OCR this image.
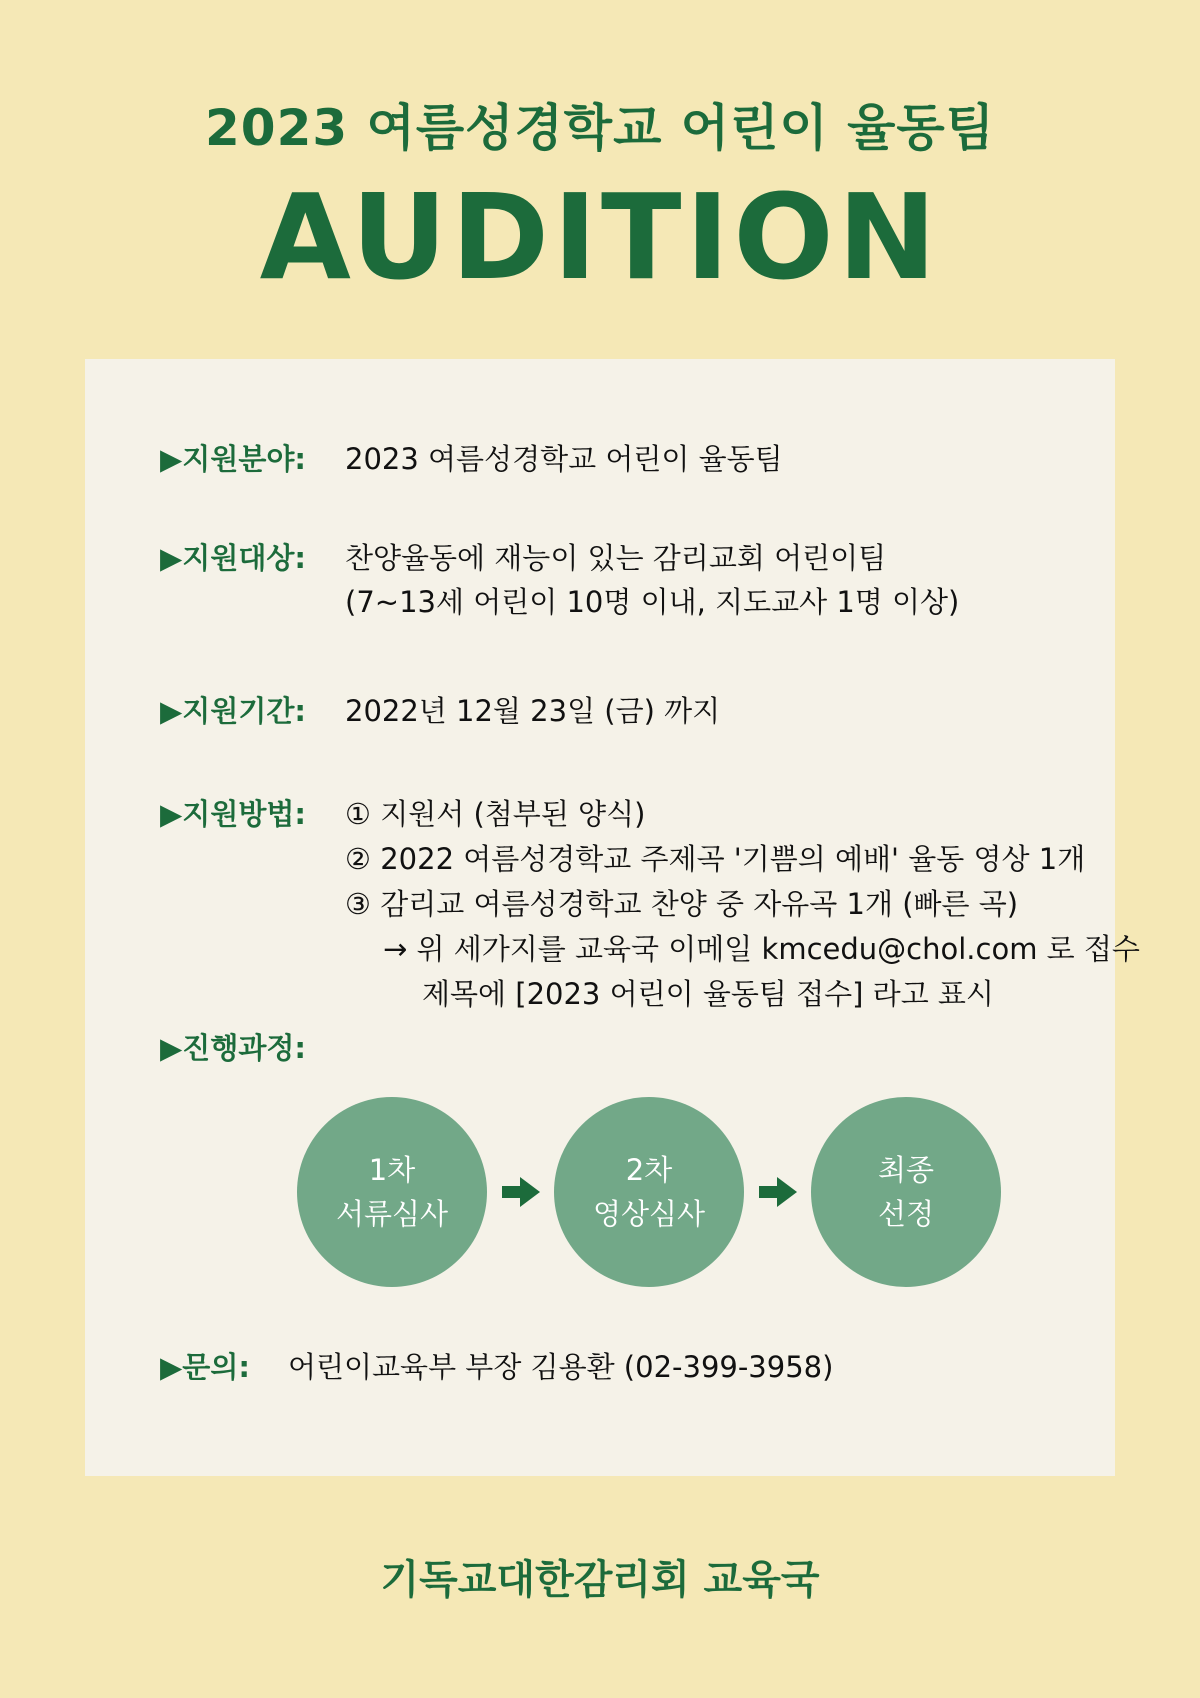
2023 여름성경학교 어린이 율동팀
AUDITION
▶지원분야:	2023 여름성경학교 어린이 율동팀
▶지원대상:	찬양율동에 재능이 있는 감리교회 어린이팀
(7~13세 어린이 10명 이내, 지도교사 1명 이상)
▶지원기간:	2022년 12월 23일 (금) 까지
▶지원방법:	① 지원서 (첨부된 양식)
② 2022 여름성경학교 주제곡 '기쁨의 예배' 율동 영상 1개
③ 감리교 여름성경학교 찬양 중 자유곡 1개 (빠른 곡)
→ 위 세가지를 교육국 이메일 kmcedu@chol.com 로 접수
제목에 [2023 어린이 율동팀 접수] 라고 표시
▶진행과정:
1차
서류심사
2차
영상심사
최종
선정
▶문의:	어린이교육부 부장 김용환 (02-399-3958)
기독교대한감리회 교육국
